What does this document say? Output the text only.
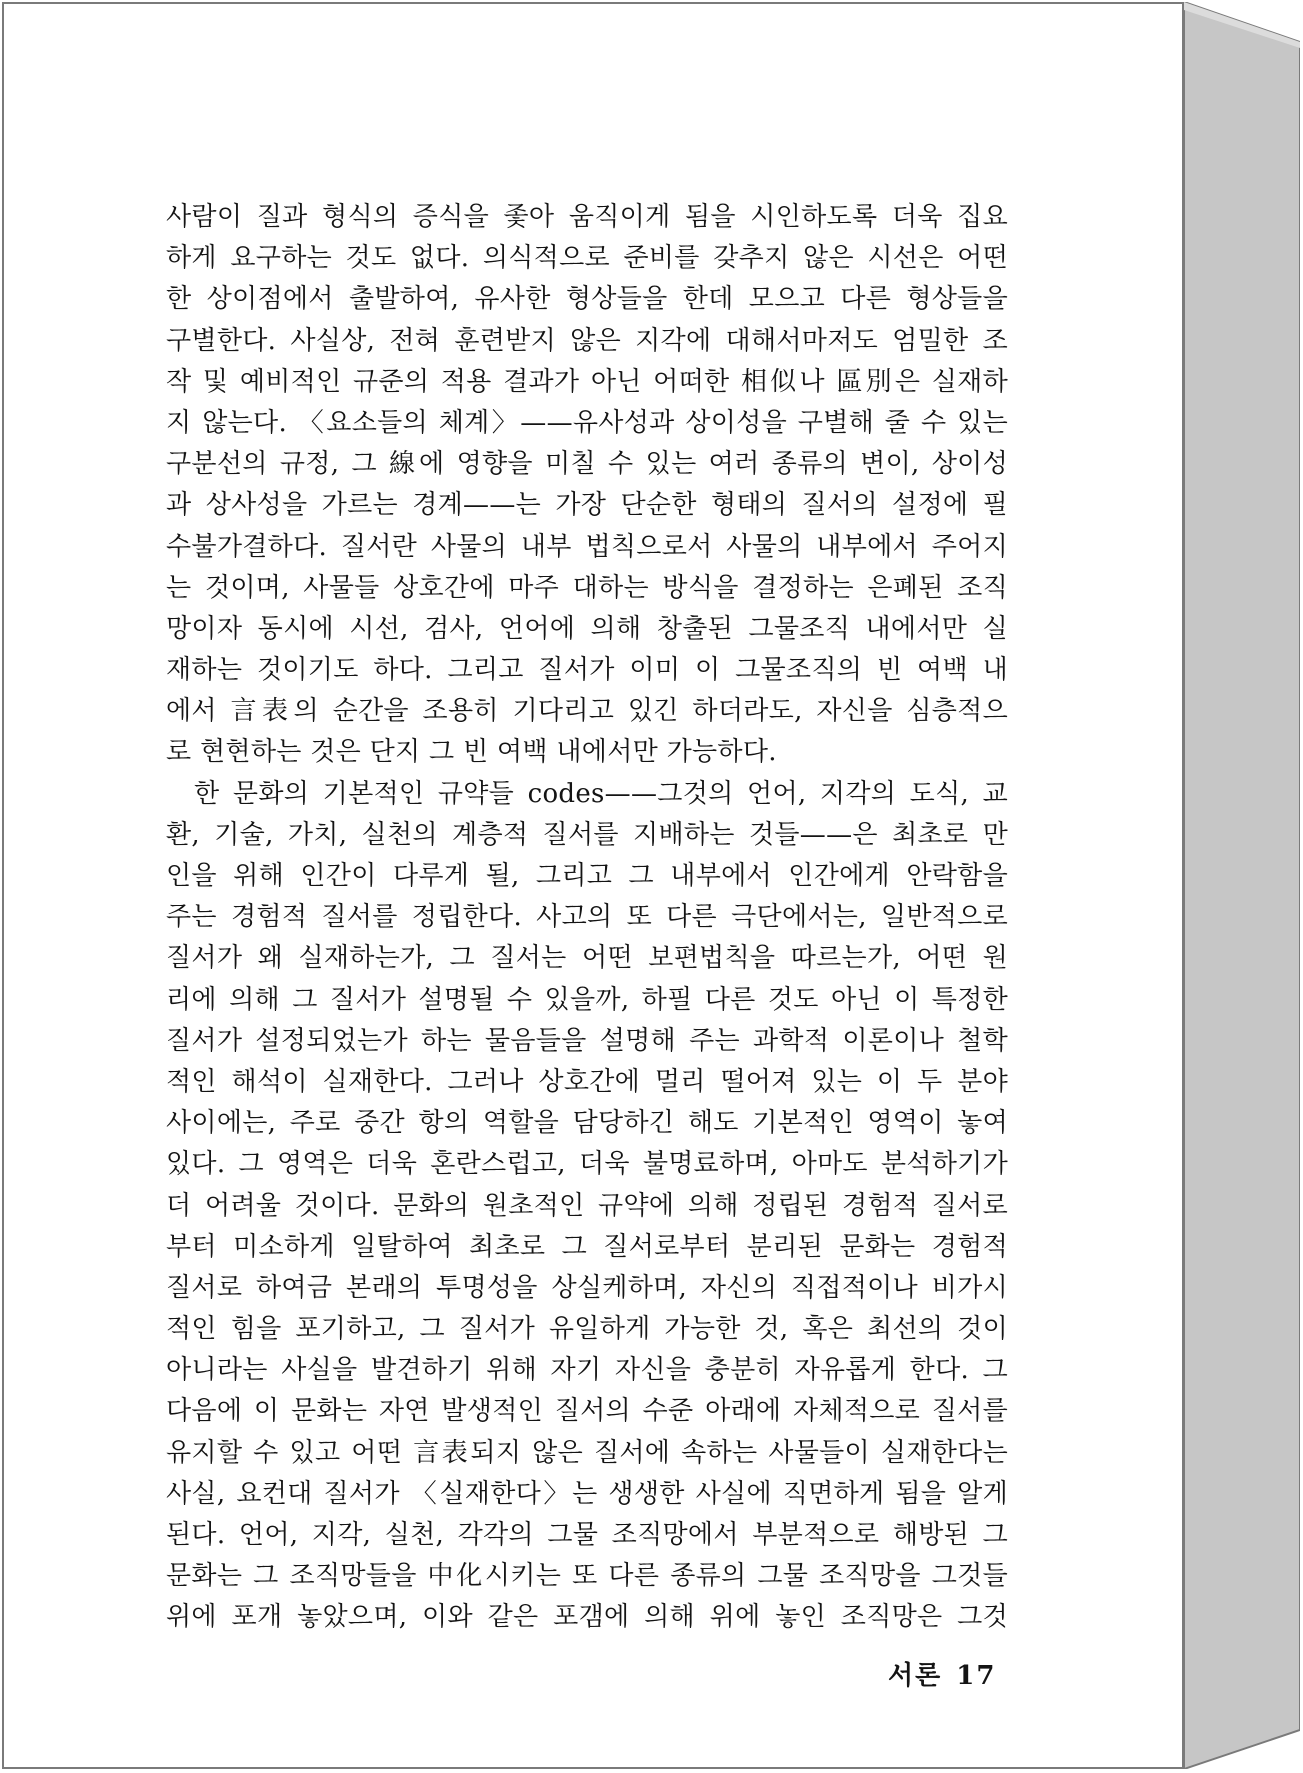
사람이 질과 형식의 증식을 좇아 움직이게 됨을 시인하도록 더욱 집요
하게 요구하는 것도 없다. 의식적으로 준비를 갖추지 않은 시선은 어떤
한 상이점에서 출발하여, 유사한 형상들을 한데 모으고 다른 형상들을
구별한다. 사실상, 전혀 훈련받지 않은 지각에 대해서마저도 엄밀한 조
작 및 예비적인 규준의 적용 결과가 아닌 어떠한 相似나 區別은 실재하
지 않는다. 〈요소들의 체계〉——유사성과 상이성을 구별해 줄 수 있는
구분선의 규정, 그 線에 영향을 미칠 수 있는 여러 종류의 변이, 상이성
과 상사성을 가르는 경계——는 가장 단순한 형태의 질서의 설정에 필
수불가결하다. 질서란 사물의 내부 법칙으로서 사물의 내부에서 주어지
는 것이며, 사물들 상호간에 마주 대하는 방식을 결정하는 은폐된 조직
망이자 동시에 시선, 검사, 언어에 의해 창출된 그물조직 내에서만 실
재하는 것이기도 하다. 그리고 질서가 이미 이 그물조직의 빈 여백 내
에서 言表의 순간을 조용히 기다리고 있긴 하더라도, 자신을 심층적으
로 현현하는 것은 단지 그 빈 여백 내에서만 가능하다.
한 문화의 기본적인 규약들 codes——그것의 언어, 지각의 도식, 교
환, 기술, 가치, 실천의 계층적 질서를 지배하는 것들——은 최초로 만
인을 위해 인간이 다루게 될, 그리고 그 내부에서 인간에게 안락함을
주는 경험적 질서를 정립한다. 사고의 또 다른 극단에서는, 일반적으로
질서가 왜 실재하는가, 그 질서는 어떤 보편법칙을 따르는가, 어떤 원
리에 의해 그 질서가 설명될 수 있을까, 하필 다른 것도 아닌 이 특정한
질서가 설정되었는가 하는 물음들을 설명해 주는 과학적 이론이나 철학
적인 해석이 실재한다. 그러나 상호간에 멀리 떨어져 있는 이 두 분야
사이에는, 주로 중간 항의 역할을 담당하긴 해도 기본적인 영역이 놓여
있다. 그 영역은 더욱 혼란스럽고, 더욱 불명료하며, 아마도 분석하기가
더 어려울 것이다. 문화의 원초적인 규약에 의해 정립된 경험적 질서로
부터 미소하게 일탈하여 최초로 그 질서로부터 분리된 문화는 경험적
질서로 하여금 본래의 투명성을 상실케하며, 자신의 직접적이나 비가시
적인 힘을 포기하고, 그 질서가 유일하게 가능한 것, 혹은 최선의 것이
아니라는 사실을 발견하기 위해 자기 자신을 충분히 자유롭게 한다. 그
다음에 이 문화는 자연 발생적인 질서의 수준 아래에 자체적으로 질서를
유지할 수 있고 어떤 言表되지 않은 질서에 속하는 사물들이 실재한다는
사실, 요컨대 질서가 〈실재한다〉는 생생한 사실에 직면하게 됨을 알게
된다. 언어, 지각, 실천, 각각의 그물 조직망에서 부분적으로 해방된 그
문화는 그 조직망들을 中化시키는 또 다른 종류의 그물 조직망을 그것들
위에 포개 놓았으며, 이와 같은 포갬에 의해 위에 놓인 조직망은 그것
서론 17
